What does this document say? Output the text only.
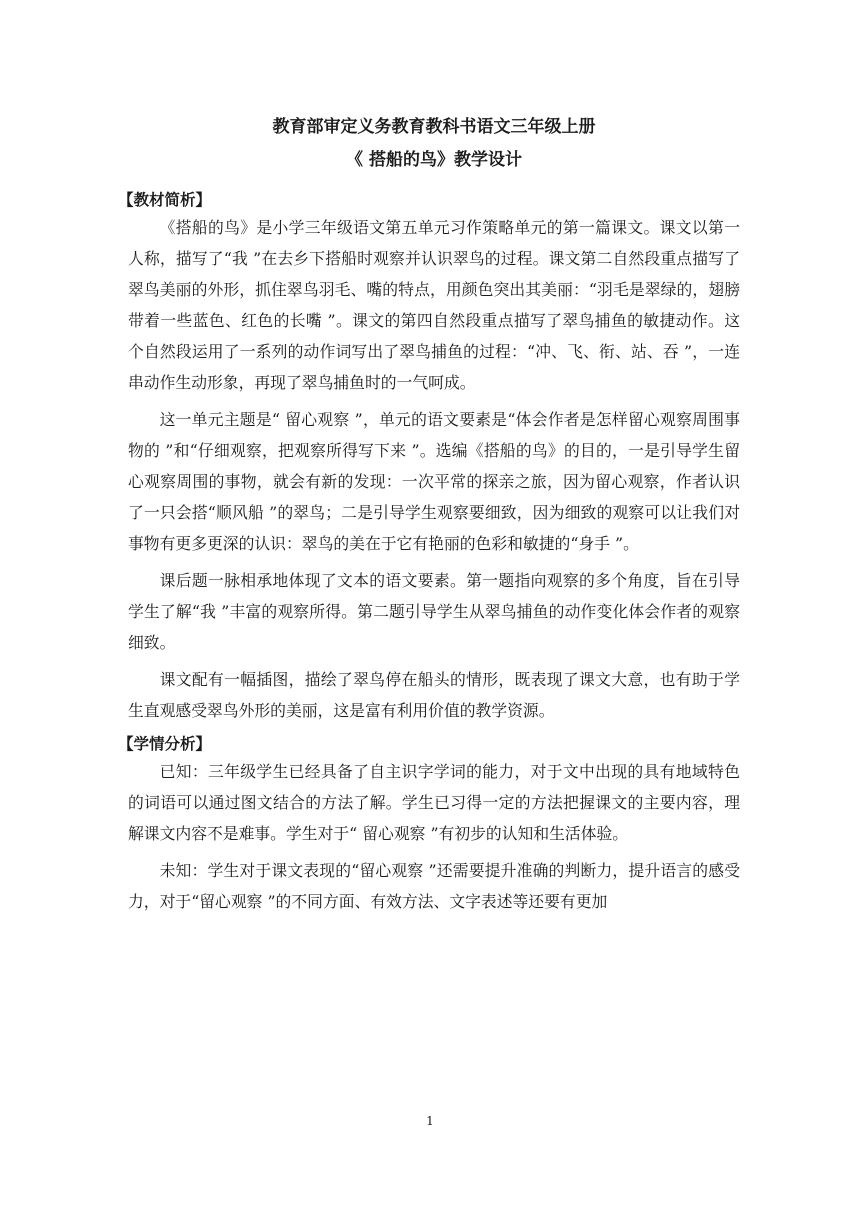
教育部审定义务教育教科书语文三年级上册
《 搭船的鸟》教学设计
【教材简析】

《搭船的鸟》是小学三年级语文第五单元习作策略单元的第一篇课文。课文以第一人称，描写了“我 ”在去乡下搭船时观察并认识翠鸟的过程。课文第二自然段重点描写了翠鸟美丽的外形，抓住翠鸟羽毛、嘴的特点，用颜色突出其美丽：“羽毛是翠绿的，翅膀带着一些蓝色、红色的长嘴 ”。课文的第四自然段重点描写了翠鸟捕鱼的敏捷动作。这个自然段运用了一系列的动作词写出了翠鸟捕鱼的过程：“冲、飞、衔、站、吞 ”，一连串动作生动形象，再现了翠鸟捕鱼时的一气呵成。

这一单元主题是“ 留心观察 ”，单元的语文要素是“体会作者是怎样留心观察周围事物的 ”和“仔细观察，把观察所得写下来 ”。选编《搭船的鸟》的目的，一是引导学生留心观察周围的事物，就会有新的发现：一次平常的探亲之旅，因为留心观察，作者认识了一只会搭“顺风船 ”的翠鸟；二是引导学生观察要细致，因为细致的观察可以让我们对事物有更多更深的认识：翠鸟的美在于它有艳丽的色彩和敏捷的“身手 ”。

课后题一脉相承地体现了文本的语文要素。第一题指向观察的多个角度，旨在引导学生了解“我 ”丰富的观察所得。第二题引导学生从翠鸟捕鱼的动作变化体会作者的观察细致。

课文配有一幅插图，描绘了翠鸟停在船头的情形，既表现了课文大意，也有助于学生直观感受翠鸟外形的美丽，这是富有利用价值的教学资源。

【学情分析】

已知：三年级学生已经具备了自主识字学词的能力，对于文中出现的具有地域特色的词语可以通过图文结合的方法了解。学生已习得一定的方法把握课文的主要内容，理解课文内容不是难事。学生对于“ 留心观察 ”有初步的认知和生活体验。

未知：学生对于课文表现的“留心观察 ”还需要提升准确的判断力，提升语言的感受力，对于“留心观察 ”的不同方面、有效方法、文字表述等还要有更加

1
